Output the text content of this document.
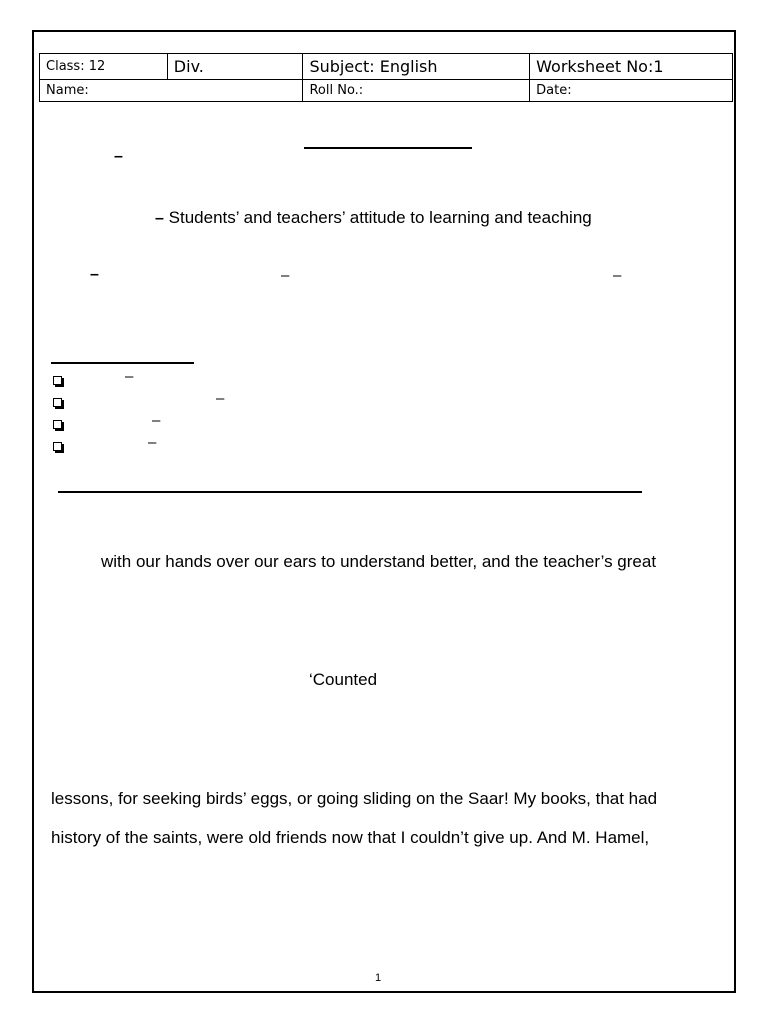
Class: 12	Div.	Subject: English	Worksheet No:1
Name:		Roll No.:	Date:
–
– Students’ and teachers’ attitude to learning and teaching
–	–	–
–
–
–
–
with our hands over our ears to understand better, and the teacher’s great
‘Counted
lessons, for seeking birds’ eggs, or going sliding on the Saar! My books, that had
history of the saints, were old friends now that I couldn’t give up. And M. Hamel,
1
